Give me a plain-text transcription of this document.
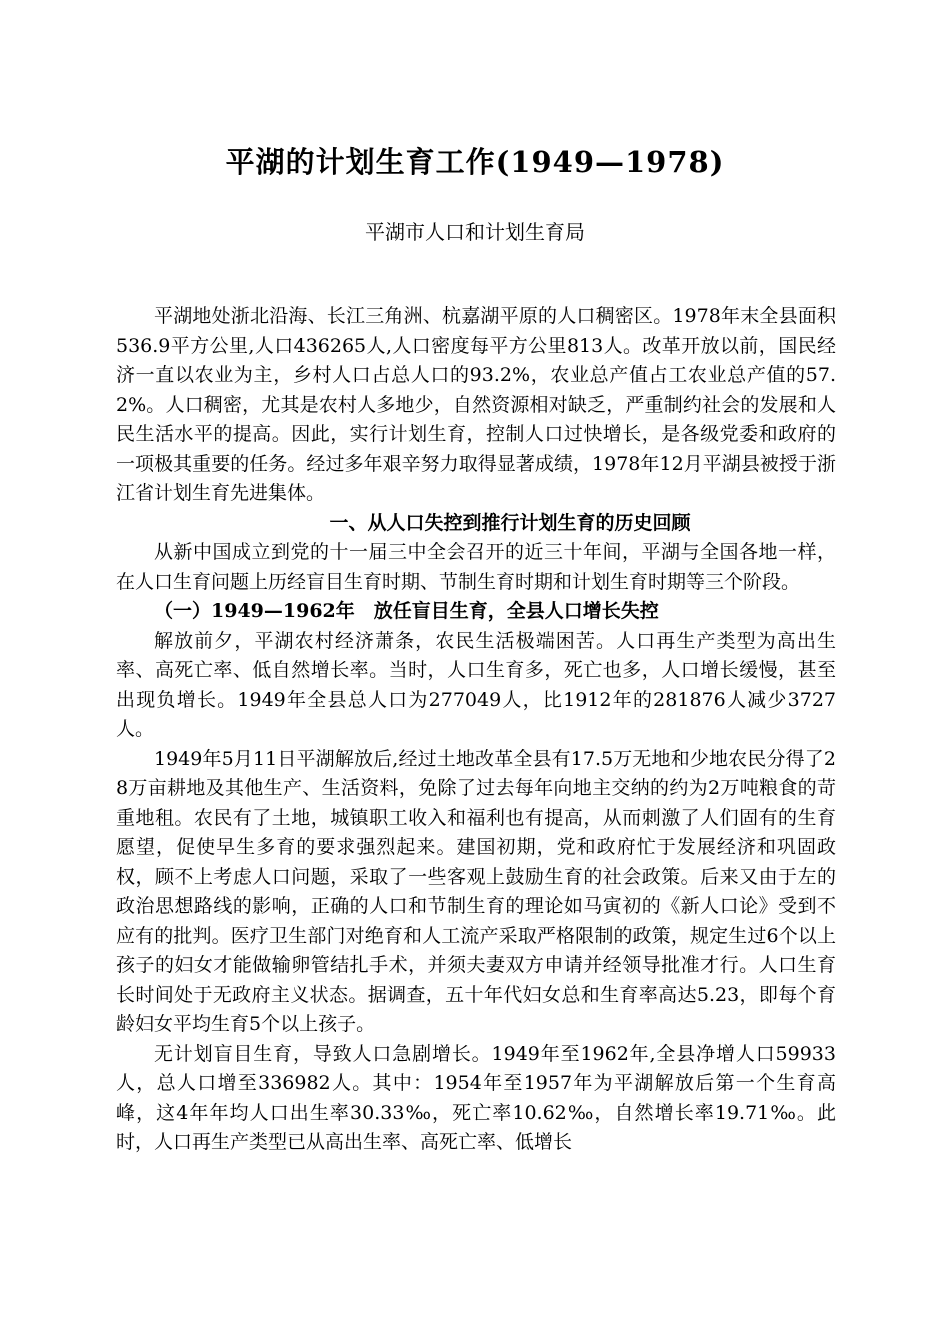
平湖的计划生育工作(1949—1978)
平湖市人口和计划生育局

平湖地处浙北沿海、长江三角洲、杭嘉湖平原的人口稠密区。1978年末全县面积536.9平方公里,人口436265人,人口密度每平方公里813人。改革开放以前，国民经济一直以农业为主，乡村人口占总人口的93.2%，农业总产值占工农业总产值的57.2%。人口稠密，尤其是农村人多地少，自然资源相对缺乏，严重制约社会的发展和人民生活水平的提高。因此，实行计划生育，控制人口过快增长，是各级党委和政府的一项极其重要的任务。经过多年艰辛努力取得显著成绩，1978年12月平湖县被授于浙江省计划生育先进集体。

一、从人口失控到推行计划生育的历史回顾

从新中国成立到党的十一届三中全会召开的近三十年间，平湖与全国各地一样，在人口生育问题上历经盲目生育时期、节制生育时期和计划生育时期等三个阶段。

（一）1949—1962年　放任盲目生育，全县人口增长失控

解放前夕，平湖农村经济萧条，农民生活极端困苦。人口再生产类型为高出生率、高死亡率、低自然增长率。当时，人口生育多，死亡也多，人口增长缓慢，甚至出现负增长。1949年全县总人口为277049人，比1912年的281876人减少3727人。

1949年5月11日平湖解放后,经过土地改革全县有17.5万无地和少地农民分得了28万亩耕地及其他生产、生活资料，免除了过去每年向地主交纳的约为2万吨粮食的苛重地租。农民有了土地，城镇职工收入和福利也有提高，从而刺激了人们固有的生育愿望，促使早生多育的要求强烈起来。建国初期，党和政府忙于发展经济和巩固政权，顾不上考虑人口问题，采取了一些客观上鼓励生育的社会政策。后来又由于左的政治思想路线的影响，正确的人口和节制生育的理论如马寅初的《新人口论》受到不应有的批判。医疗卫生部门对绝育和人工流产采取严格限制的政策，规定生过6个以上孩子的妇女才能做输卵管结扎手术，并须夫妻双方申请并经领导批准才行。人口生育长时间处于无政府主义状态。据调查，五十年代妇女总和生育率高达5.23，即每个育龄妇女平均生育5个以上孩子。

无计划盲目生育，导致人口急剧增长。1949年至1962年,全县净增人口59933人，总人口增至336982人。其中：1954年至1957年为平湖解放后第一个生育高峰，这4年年均人口出生率30.33‰，死亡率10.62‰，自然增长率19.71‰。此时，人口再生产类型已从高出生率、高死亡率、低增长
